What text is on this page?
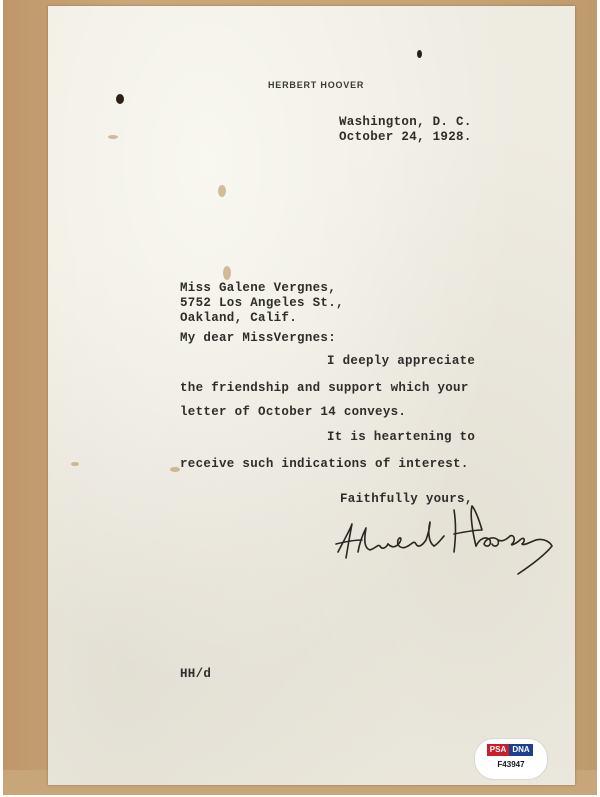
HERBERT HOOVER
Washington, D. C.
October 24, 1928.
Miss Galene Vergnes,
5752 Los Angeles St.,
Oakland, Calif.
My dear MissVergnes:
I deeply appreciate
the friendship and support which your
letter of October 14 conveys.
It is heartening to
receive such indications of interest.
Faithfully yours,
HH/d
PSA DNA
F43947
